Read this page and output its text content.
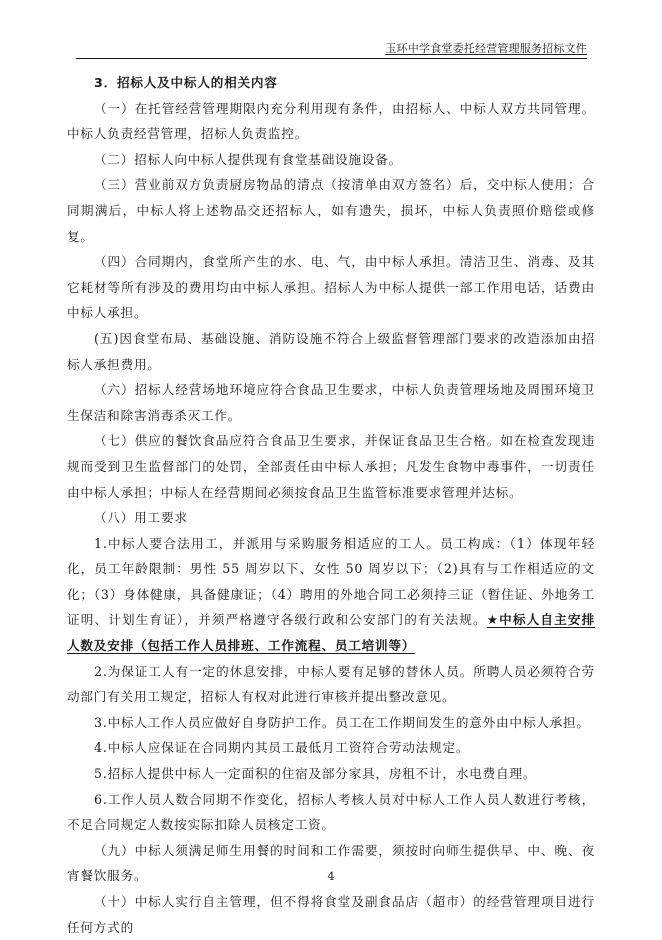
玉环中学食堂委托经营管理服务招标文件

3．招标人及中标人的相关内容

（一）在托管经营管理期限内充分利用现有条件，由招标人、中标人双方共同管理。中标人负责经营管理，招标人负责监控。

（二）招标人向中标人提供现有食堂基础设施设备。

（三）营业前双方负责厨房物品的清点（按清单由双方签名）后，交中标人使用；合同期满后，中标人将上述物品交还招标人，如有遗失，损坏，中标人负责照价赔偿或修复。

（四）合同期内，食堂所产生的水、电、气，由中标人承担。清洁卫生、消毒、及其它耗材等所有涉及的费用均由中标人承担。招标人为中标人提供一部工作用电话，话费由中标人承担。

(五)因食堂布局、基础设施、消防设施不符合上级监督管理部门要求的改造添加由招标人承担费用。

（六）招标人经营场地环境应符合食品卫生要求，中标人负责管理场地及周围环境卫生保洁和除害消毒杀灭工作。

（七）供应的餐饮食品应符合食品卫生要求，并保证食品卫生合格。如在检查发现违规而受到卫生监督部门的处罚，全部责任由中标人承担；凡发生食物中毒事件，一切责任由中标人承担；中标人在经营期间必须按食品卫生监管标准要求管理并达标。

（八）用工要求

1.中标人要合法用工，并派用与采购服务相适应的工人。员工构成：（1）体现年轻化，员工年龄限制：男性 55 周岁以下、女性 50 周岁以下；（2)具有与工作相适应的文化；（3）身体健康，具备健康证；（4）聘用的外地合同工必须持三证（暂住证、外地务工证明、计划生育证），并须严格遵守各级行政和公安部门的有关法规。★中标人自主安排人数及安排（包括工作人员排班、工作流程、员工培训等）

2.为保证工人有一定的休息安排，中标人要有足够的替休人员。所聘人员必须符合劳动部门有关用工规定，招标人有权对此进行审核并提出整改意见。

3.中标人工作人员应做好自身防护工作。员工在工作期间发生的意外由中标人承担。

4.中标人应保证在合同期内其员工最低月工资符合劳动法规定。

5.招标人提供中标人一定面积的住宿及部分家具，房租不计，水电费自理。

6.工作人员人数合同期不作变化，招标人考核人员对中标人工作人员人数进行考核，不足合同规定人数按实际扣除人员核定工资。

（九）中标人须满足师生用餐的时间和工作需要，须按时向师生提供早、中、晚、夜宵餐饮服务。

（十）中标人实行自主管理，但不得将食堂及副食品店（超市）的经营管理项目进行任何方式的

4
